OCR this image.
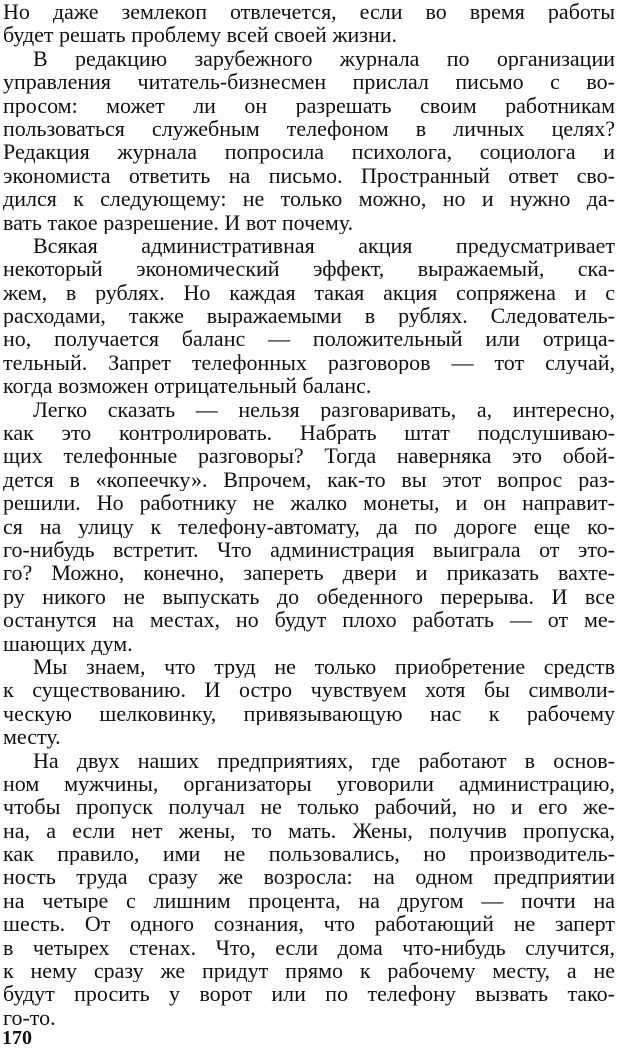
Но даже землекоп отвлечется, если во время работы
будет решать проблему всей своей жизни.
В редакцию зарубежного журнала по организации
управления читатель-бизнесмен прислал письмо с во-
просом: может ли он разрешать своим работникам
пользоваться служебным телефоном в личных целях?
Редакция журнала попросила психолога, социолога и
экономиста ответить на письмо. Пространный ответ сво-
дился к следующему: не только можно, но и нужно да-
вать такое разрешение. И вот почему.
Всякая административная акция предусматривает
некоторый экономический эффект, выражаемый, ска-
жем, в рублях. Но каждая такая акция сопряжена и с
расходами, также выражаемыми в рублях. Следователь-
но, получается баланс — положительный или отрица-
тельный. Запрет телефонных разговоров — тот случай,
когда возможен отрицательный баланс.
Легко сказать — нельзя разговаривать, а, интересно,
как это контролировать. Набрать штат подслушиваю-
щих телефонные разговоры? Тогда наверняка это обой-
дется в «копеечку». Впрочем, как-то вы этот вопрос раз-
решили. Но работнику не жалко монеты, и он направит-
ся на улицу к телефону-автомату, да по дороге еще ко-
го-нибудь встретит. Что администрация выиграла от это-
го? Можно, конечно, запереть двери и приказать вахте-
ру никого не выпускать до обеденного перерыва. И все
останутся на местах, но будут плохо работать — от ме-
шающих дум.
Мы знаем, что труд не только приобретение средств
к существованию. И остро чувствуем хотя бы символи-
ческую шелковинку, привязывающую нас к рабочему
месту.
На двух наших предприятиях, где работают в основ-
ном мужчины, организаторы уговорили администрацию,
чтобы пропуск получал не только рабочий, но и его же-
на, а если нет жены, то мать. Жены, получив пропуска,
как правило, ими не пользовались, но производитель-
ность труда сразу же возросла: на одном предприятии
на четыре с лишним процента, на другом — почти на
шесть. От одного сознания, что работающий не заперт
в четырех стенах. Что, если дома что-нибудь случится,
к нему сразу же придут прямо к рабочему месту, а не
будут просить у ворот или по телефону вызвать тако-
го-то.
170
